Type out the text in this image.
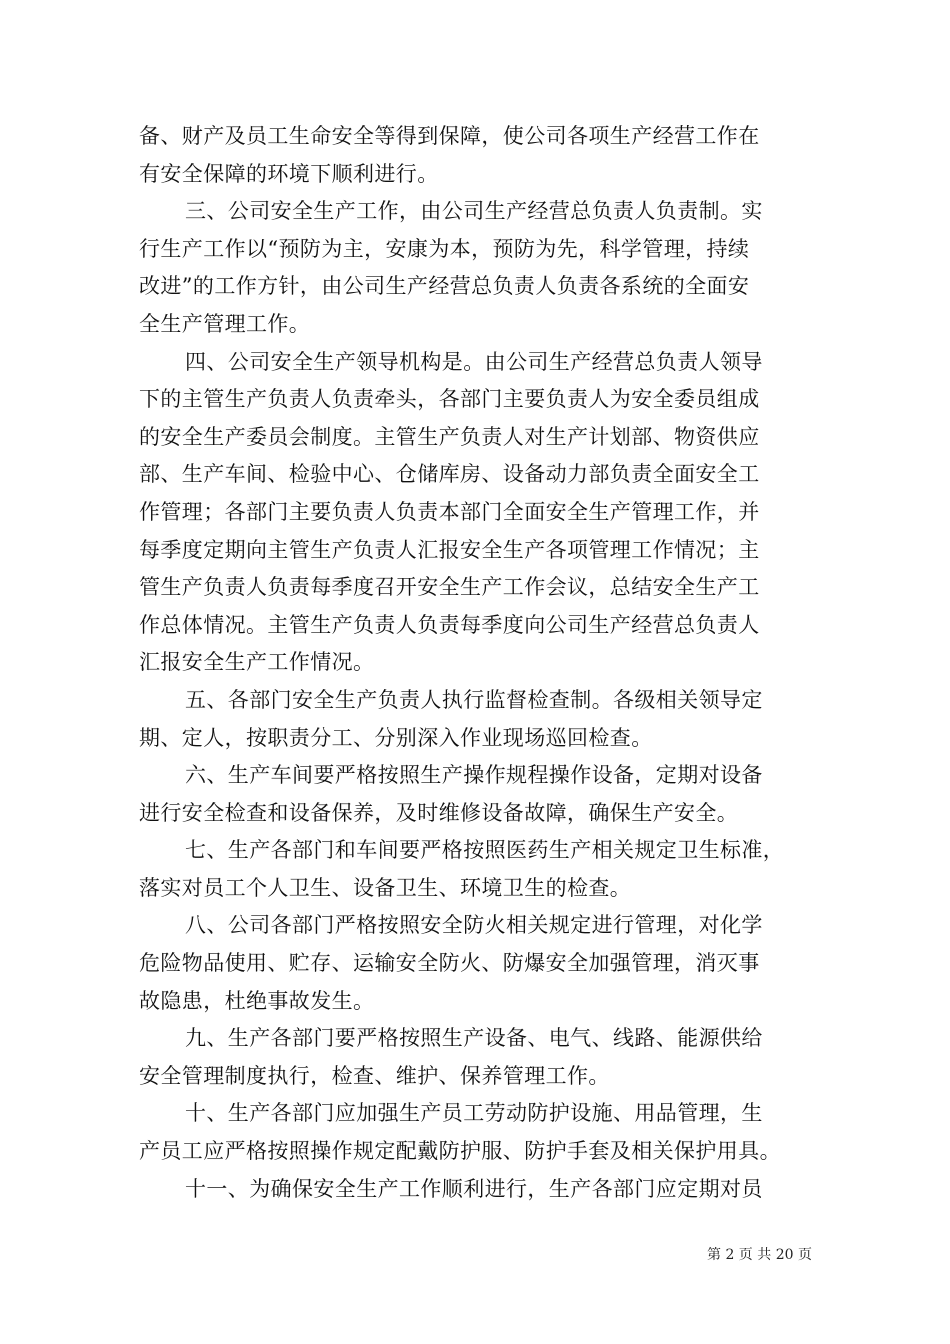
备、财产及员工生命安全等得到保障，使公司各项生产经营工作在
有安全保障的环境下顺利进行。
三、公司安全生产工作，由公司生产经营总负责人负责制。实
行生产工作以“预防为主，安康为本，预防为先，科学管理，持续
改进”的工作方针，由公司生产经营总负责人负责各系统的全面安
全生产管理工作。
四、公司安全生产领导机构是。由公司生产经营总负责人领导
下的主管生产负责人负责牵头，各部门主要负责人为安全委员组成
的安全生产委员会制度。主管生产负责人对生产计划部、物资供应
部、生产车间、检验中心、仓储库房、设备动力部负责全面安全工
作管理；各部门主要负责人负责本部门全面安全生产管理工作，并
每季度定期向主管生产负责人汇报安全生产各项管理工作情况；主
管生产负责人负责每季度召开安全生产工作会议，总结安全生产工
作总体情况。主管生产负责人负责每季度向公司生产经营总负责人
汇报安全生产工作情况。
五、各部门安全生产负责人执行监督检查制。各级相关领导定
期、定人，按职责分工、分别深入作业现场巡回检查。
六、生产车间要严格按照生产操作规程操作设备，定期对设备
进行安全检查和设备保养，及时维修设备故障，确保生产安全。
七、生产各部门和车间要严格按照医药生产相关规定卫生标准，
落实对员工个人卫生、设备卫生、环境卫生的检查。
八、公司各部门严格按照安全防火相关规定进行管理，对化学
危险物品使用、贮存、运输安全防火、防爆安全加强管理，消灭事
故隐患，杜绝事故发生。
九、生产各部门要严格按照生产设备、电气、线路、能源供给
安全管理制度执行，检查、维护、保养管理工作。
十、生产各部门应加强生产员工劳动防护设施、用品管理，生
产员工应严格按照操作规定配戴防护服、防护手套及相关保护用具。
十一、为确保安全生产工作顺利进行，生产各部门应定期对员
第 2 页 共 20 页
